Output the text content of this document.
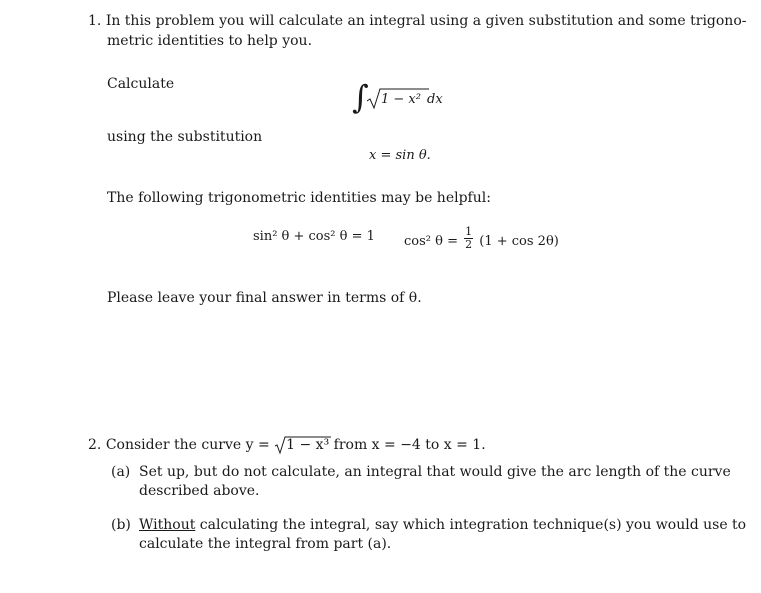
1. In this problem you will calculate an integral using a given substitution and some trigono-
metric identities to help you.
Calculate	∫ 1 − x² dx
using the substitution
x = sin θ.
The following trigonometric identities may be helpful:
sin² θ + cos² θ = 1 cos² $\theta = \frac{1}{2} (1 + \cos 2\theta)$
Please leave your final answer in terms of θ.
2. Consider the curve y =
1 − x³ from x = −4 to x = 1.
(a) Set up, but do not calculate, an integral that would give the arc length of the curve
described above.
(b) Without calculating the integral, say which integration technique(s) you would use to
calculate the integral from part (a).
